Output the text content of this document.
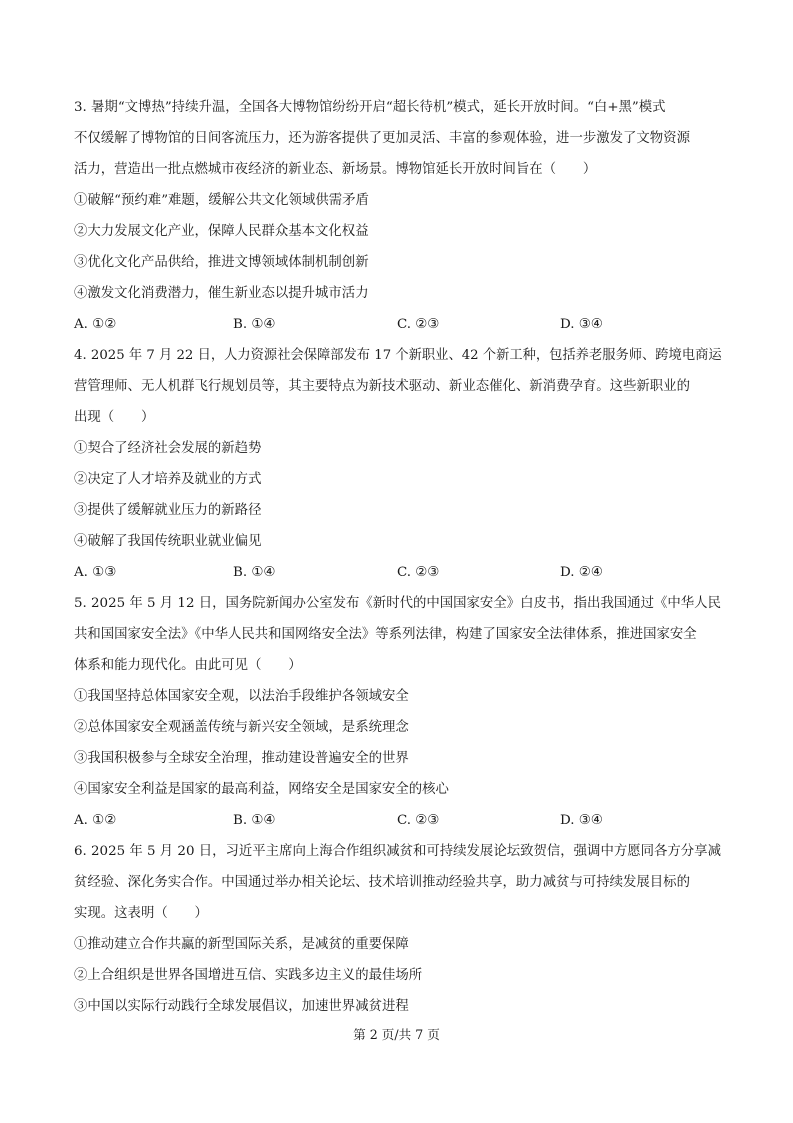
3. 暑期“文博热”持续升温，全国各大博物馆纷纷开启“超长待机”模式，延长开放时间。“白+黑”模式
不仅缓解了博物馆的日间客流压力，还为游客提供了更加灵活、丰富的参观体验，进一步激发了文物资源
活力，营造出一批点燃城市夜经济的新业态、新场景。博物馆延长开放时间旨在（　　）
①破解“预约难”难题，缓解公共文化领域供需矛盾
②大力发展文化产业，保障人民群众基本文化权益
③优化文化产品供给，推进文博领域体制机制创新
④激发文化消费潜力，催生新业态以提升城市活力
A. ①②	B. ①④	C. ②③	D. ③④
4. 2025 年 7 月 22 日，人力资源社会保障部发布 17 个新职业、42 个新工种，包括养老服务师、跨境电商运
营管理师、无人机群飞行规划员等，其主要特点为新技术驱动、新业态催化、新消费孕育。这些新职业的
出现（　　）
①契合了经济社会发展的新趋势
②决定了人才培养及就业的方式
③提供了缓解就业压力的新路径
④破解了我国传统职业就业偏见
A. ①③	B. ①④	C. ②③	D. ②④
5. 2025 年 5 月 12 日，国务院新闻办公室发布《新时代的中国国家安全》白皮书，指出我国通过《中华人民
共和国国家安全法》《中华人民共和国网络安全法》等系列法律，构建了国家安全法律体系，推进国家安全
体系和能力现代化。由此可见（　　）
①我国坚持总体国家安全观，以法治手段维护各领域安全
②总体国家安全观涵盖传统与新兴安全领域，是系统理念
③我国积极参与全球安全治理，推动建设普遍安全的世界
④国家安全利益是国家的最高利益，网络安全是国家安全的核心
A. ①②	B. ①④	C. ②③	D. ③④
6. 2025 年 5 月 20 日，习近平主席向上海合作组织减贫和可持续发展论坛致贺信，强调中方愿同各方分享减
贫经验、深化务实合作。中国通过举办相关论坛、技术培训推动经验共享，助力减贫与可持续发展目标的
实现。这表明（　　）
①推动建立合作共赢的新型国际关系，是减贫的重要保障
②上合组织是世界各国增进互信、实践多边主义的最佳场所
③中国以实际行动践行全球发展倡议，加速世界减贫进程
第 2 页/共 7 页
